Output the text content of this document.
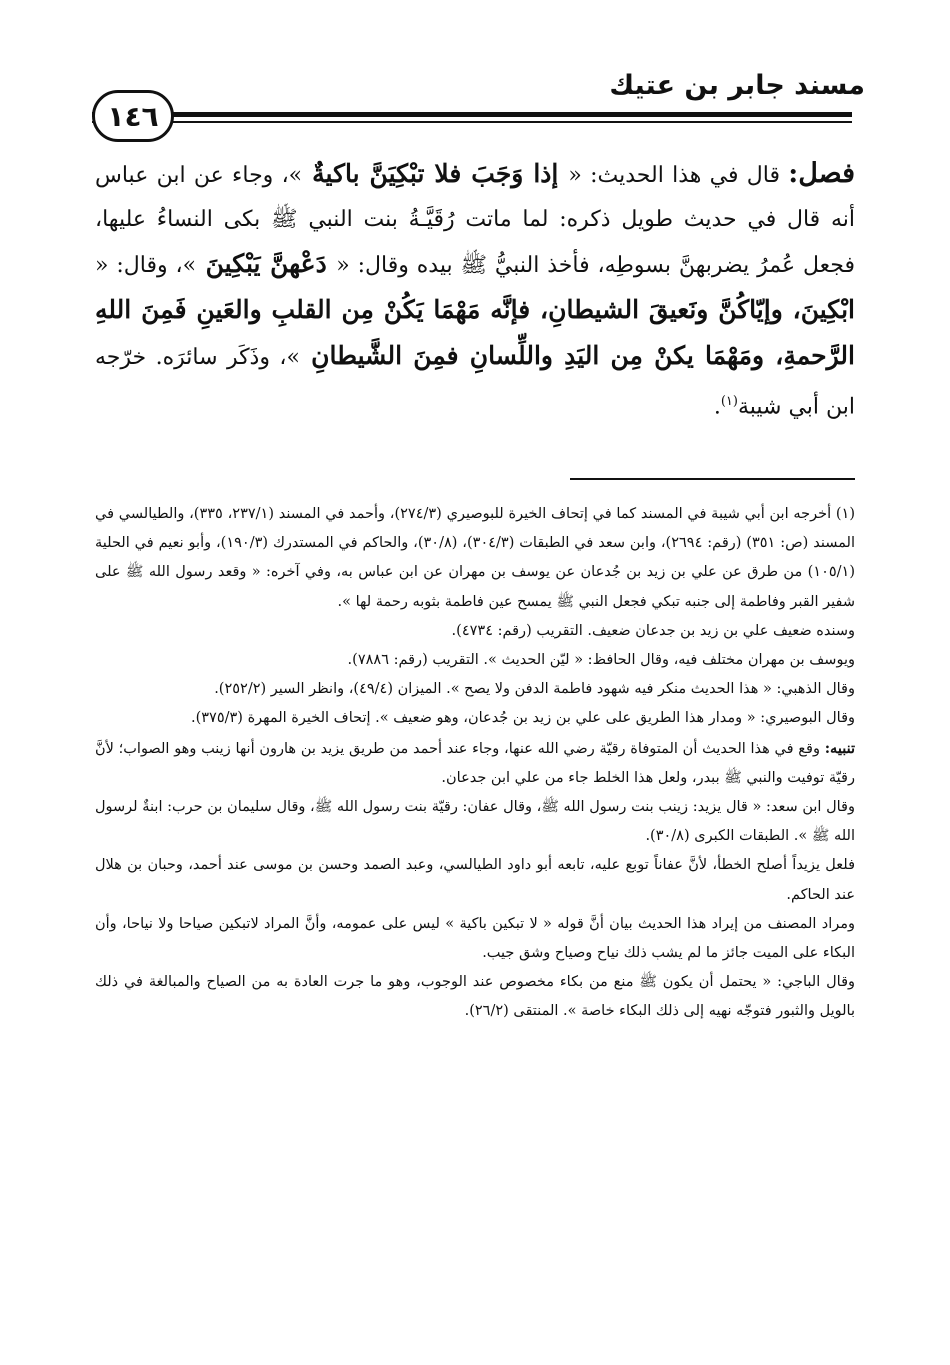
مسند جابر بن عتيك
١٤٦

فصل: قال في هذا الحديث: « إذا وَجَبَ فلا تبْكِيَنَّ باكيةٌ »، وجاء عن ابن عباس أنه قال في حديث طويل ذكره: لما ماتت رُقَيَّـةُ بنت النبي ﷺ بكى النساءُ عليها، فجعل عُمرُ يضربهنَّ بسوطِه، فأخذ النبيُّ ﷺ بيده وقال: « دَعْهنَّ يَبْكِينَ »، وقال: « ابْكِينَ، وإيّاكُنَّ ونَعيقَ الشيطانِ، فإنَّه مَهْمَا يَكُنْ مِن القلبِ والعَينِ فَمِنَ اللهِ الرَّحمةِ، ومَهْمَا يكنْ مِن اليَدِ واللِّسانِ فمِنَ الشَّيطانِ »، وذَكَر سائرَه. خرّجه ابن أبي شيبة$^{(١)}$.

(١) أخرجه ابن أبي شيبة في المسند كما في إتحاف الخيرة للبوصيري (٢٧٤/٣)، وأحمد في المسند (٢٣٧/١، ٣٣٥)، والطيالسي في المسند (ص: ٣٥١) (رقم: ٢٦٩٤)، وابن سعد في الطبقات (٣٠٤/٣)، (٣٠/٨)، والحاكم في المستدرك (١٩٠/٣)، وأبو نعيم في الحلية (١٠٥/١) من طرق عن علي بن زيد بن جُدعان عن يوسف بن مهران عن ابن عباس به، وفي آخره: « وقعد رسول الله ﷺ على شفير القبر وفاطمة إلى جنبه تبكي فجعل النبي ﷺ يمسح عين فاطمة بثوبه رحمة لها ».

وسنده ضعيف علي بن زيد بن جدعان ضعيف. التقريب (رقم: ٤٧٣٤).

ويوسف بن مهران مختلف فيه، وقال الحافظ: « ليّن الحديث ». التقريب (رقم: ٧٨٨٦).

وقال الذهبي: « هذا الحديث منكر فيه شهود فاطمة الدفن ولا يصح ». الميزان (٤٩/٤)، وانظر السير (٢٥٢/٢).

وقال البوصيري: « ومدار هذا الطريق على علي بن زيد بن جُدعان، وهو ضعيف ». إتحاف الخيرة المهرة (٣٧٥/٣).

تنبيه: وقع في هذا الحديث أن المتوفاة رقيّة رضي الله عنها، وجاء عند أحمد من طريق يزيد بن هارون أنها زينب وهو الصواب؛ لأنَّ رقيّة توفيت والنبي ﷺ ببدر، ولعل هذا الخلط جاء من علي ابن جدعان.

وقال ابن سعد: « قال يزيد: زينب بنت رسول الله ﷺ، وقال عفان: رقيّة بنت رسول الله ﷺ، وقال سليمان بن حرب: ابنةٌ لرسول الله ﷺ ». الطبقات الكبرى (٣٠/٨).

فلعل يزيداً أصلح الخطأ، لأنَّ عفاناً توبع عليه، تابعه أبو داود الطيالسي، وعبد الصمد وحسن بن موسى عند أحمد، وحبان بن هلال عند الحاكم.

ومراد المصنف من إيراد هذا الحديث بيان أنَّ قوله « لا تبكين باكية » ليس على عمومه، وأنَّ المراد لاتبكين صياحا ولا نياحا، وأن البكاء على الميت جائز ما لم يشب ذلك نياح وصياح وشق جيب.

وقال الباجي: « يحتمل أن يكون ﷺ منع من بكاء مخصوص عند الوجوب، وهو ما جرت العادة به من الصياح والمبالغة في ذلك بالويل والثبور فتوجّه نهيه إلى ذلك البكاء خاصة ». المنتقى (٢٦/٢).
